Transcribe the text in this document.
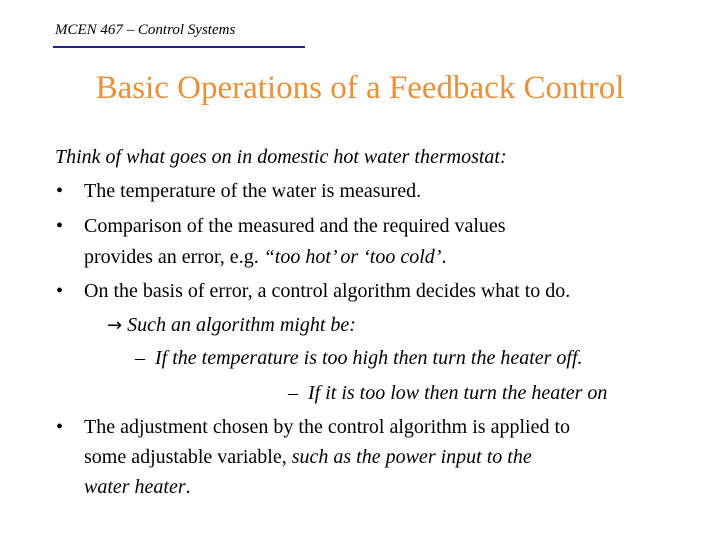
MCEN 467 – Control Systems
Basic Operations of a Feedback Control
Think of what goes on in domestic hot water thermostat:
• The temperature of the water is measured.
• Comparison of the measured and the required values
provides an error, e.g. “too hot’ or ‘too cold’.
• On the basis of error, a control algorithm decides what to do.
→ Such an algorithm might be:
– If the temperature is too high then turn the heater off.
– If it is too low then turn the heater on
• The adjustment chosen by the control algorithm is applied to
some adjustable variable, such as the power input to the
water heater.
